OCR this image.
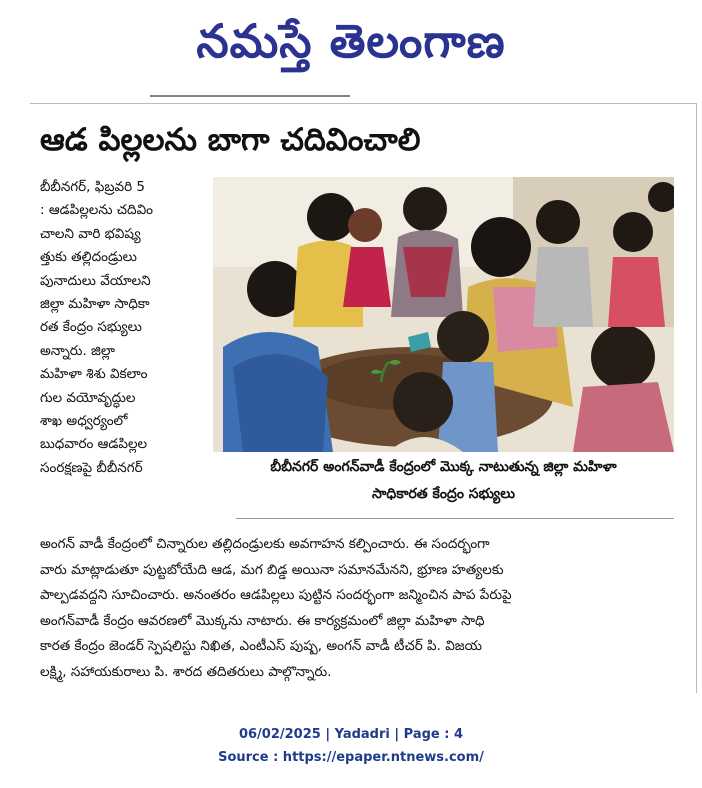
నమస్తే తెలంగాణ
ఆడ పిల్లలను బాగా చదివించాలి
బీబీనగర్, ఫిబ్రవరి 5
: ఆడపిల్లలను చదివిం
చాలని వారి భవిష్య
త్తుకు తల్లిదండ్రులు
పునాదులు వేయాలని
జిల్లా మహిళా సాధికా
రత కేంద్రం సభ్యులు
అన్నారు. జిల్లా
మహిళా శిశు వికలాం
గుల వయోవృద్ధుల
శాఖ అధ్వర్యంలో
బుధవారం ఆడపిల్లల
సంరక్షణపై బీబీనగర్	బీబీనగర్ అంగన్‌వాడీ కేంద్రంలో మొక్క నాటుతున్న జిల్లా మహిళా
సాధికారత కేంద్రం సభ్యులు
అంగన్ వాడీ కేంద్రంలో చిన్నారుల తల్లిదండ్రులకు అవగాహన కల్పించారు. ఈ సందర్భంగా
వారు మాట్లాడుతూ పుట్టబోయేది ఆడ, మగ బిడ్డ అయినా సమానమేనని, భ్రూణ హత్యలకు
పాల్పడవద్దని సూచించారు. అనంతరం ఆడపిల్లలు పుట్టిన సందర్భంగా జన్మించిన పాప పేరుపై
అంగన్‌వాడీ కేంద్రం ఆవరణలో మొక్కను నాటారు. ఈ కార్యక్రమంలో జిల్లా మహిళా సాధి
కారత కేంద్రం జెండర్ స్పెషలిస్టు నిఖిత, ఎంటీఎస్ పుష్ప, అంగన్ వాడీ టీచర్ పి. విజయ
లక్ష్మి, సహాయకురాలు పి. శారద తదితరులు పాల్గొన్నారు.
06/02/2025 | Yadadri | Page : 4
Source : https://epaper.ntnews.com/
